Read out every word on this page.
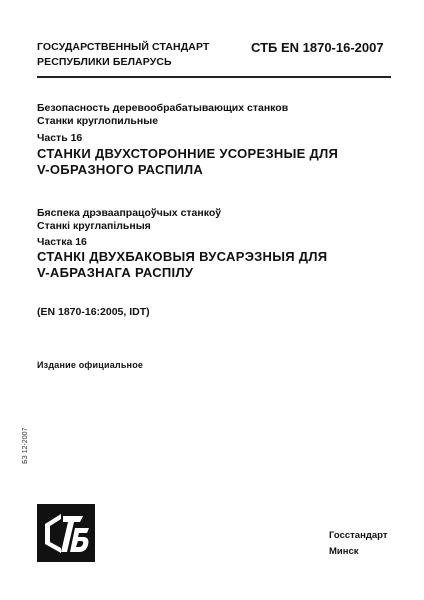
ГОСУДАРСТВЕННЫЙ СТАНДАРТ
РЕСПУБЛИКИ БЕЛАРУСЬ
СТБ EN 1870-16-2007
Безопасность деревообрабатывающих станков
Станки круглопильные
Часть 16
СТАНКИ ДВУХСТОРОННИЕ УСОРЕЗНЫЕ ДЛЯ
V-ОБРАЗНОГО РАСПИЛА
Бяспека дрэваапрацоўчых станкоў
Станкі круглапільныя
Частка 16
СТАНКІ ДВУХБАКОВЫЯ ВУСАРЭЗНЫЯ ДЛЯ
V-АБРАЗНАГА РАСПІЛУ
(EN 1870-16:2005, IDT)
Издание официальное
БЗ 12-2007
Госстандарт
Минск
